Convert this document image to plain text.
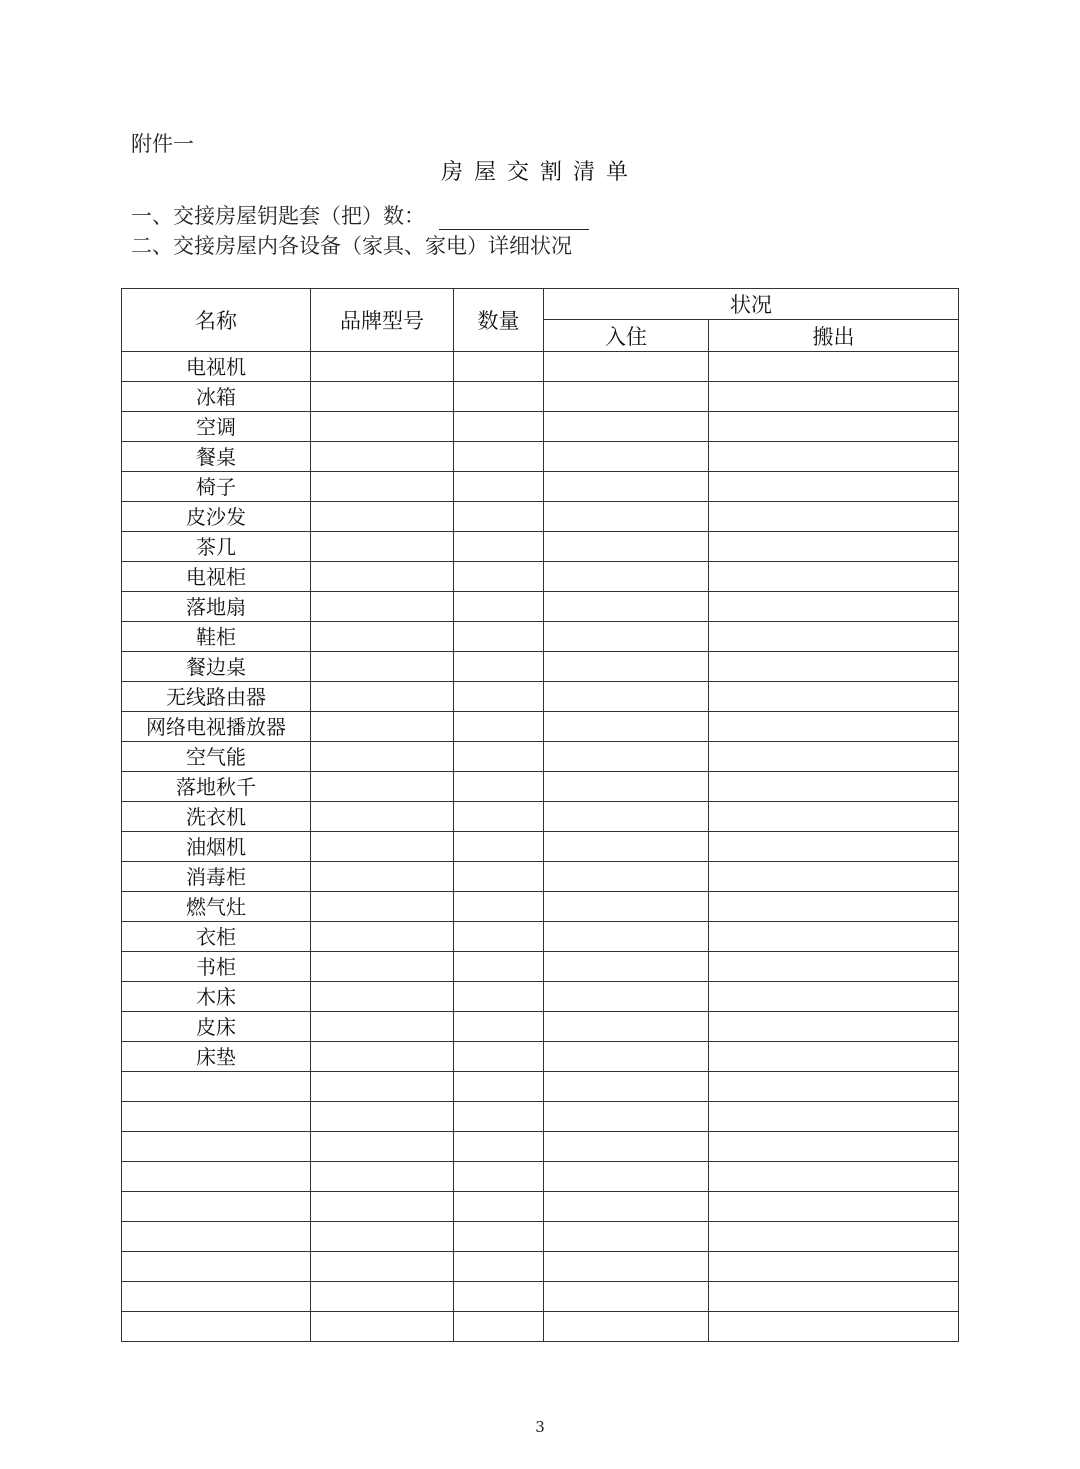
附件一
房屋交割清单
一、交接房屋钥匙套（把）数：
二、交接房屋内各设备（家具、家电）详细状况
名称	品牌型号	数量	状况	
			入住	搬出
电视机				
冰箱				
空调				
餐桌				
椅子				
皮沙发				
茶几				
电视柜				
落地扇				
鞋柜				
餐边桌				
无线路由器				
网络电视播放器				
空气能				
落地秋千				
洗衣机				
油烟机				
消毒柜				
燃气灶				
衣柜				
书柜				
木床				
皮床				
床垫				

3
